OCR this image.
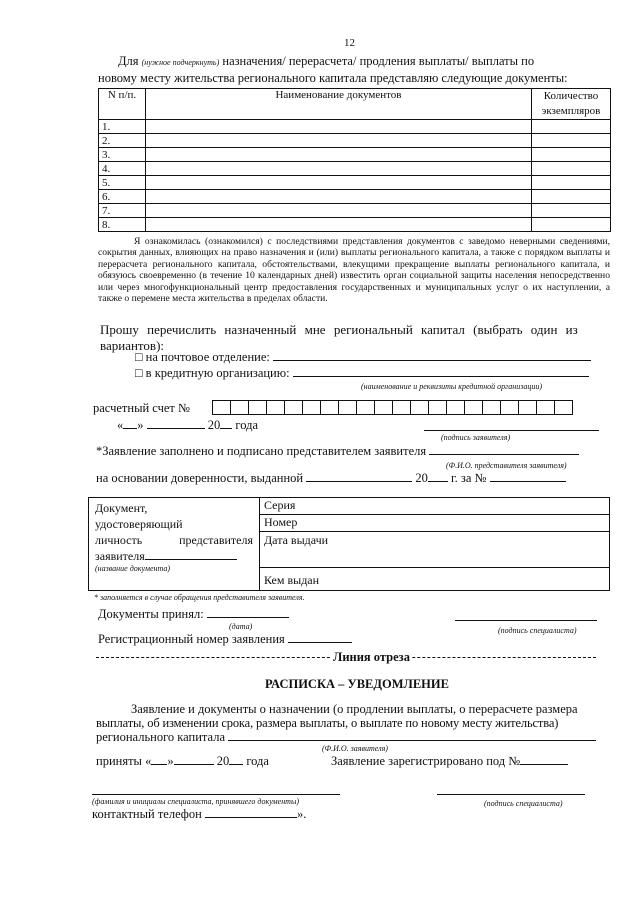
12
Для (нужное подчеркнуть) назначения/ перерасчета/ продления выплаты/ выплаты по
новому месту жительства регионального капитала представляю следующие документы:
N п/п.	Наименование документов	Количество экземпляров
1.		
2.		
3.		
4.		
5.		
6.		
7.		
8.		
Я ознакомилась (ознакомился) с последствиями представления документов с заведомо неверными сведениями, сокрытия данных, влияющих на право назначения и (или) выплаты регионального капитала, а также с порядком выплаты и перерасчета регионального капитала, обстоятельствами, влекущими прекращение выплаты регионального капитала, и обязуюсь своевременно (в течение 10 календарных дней) известить орган социальной защиты населения непосредственно или через многофункциональный центр предоставления государственных и муниципальных услуг о их наступлении, а также о перемене места жительства в пределах области.
Прошу перечислить назначенный мне региональный капитал (выбрать один из
вариантов):
□ на почтовое отделение:
□ в кредитную организацию:
(наименование и реквизиты кредитной организации)
расчетный счет №
« »	20 года
(подпись заявителя)
*Заявление заполнено и подписано представителем заявителя
(Ф.И.О. представителя заявителя)
на основании доверенности, выданной	20 г. за №
Документ,
удостоверяющий
личность	представителя
заявителя
(название документа)
Серия
Номер
Дата выдачи
Кем выдан
* заполняется в случае обращения представителя заявителя.
Документы принял:
(дата)	(подпись специалиста)
Регистрационный номер заявления
Линия отреза
РАСПИСКА – УВЕДОМЛЕНИЕ
Заявление и документы о назначении (о продлении выплаты, о перерасчете размера
выплаты, об изменении срока, размера выплаты, о выплате по новому месту жительства)
регионального капитала
(Ф.И.О. заявителя)
приняты « »	20 года	Заявление зарегистрировано под №
(фамилия и инициалы специалиста, принявшего документы)	(подпись специалиста)
контактный телефон	».
